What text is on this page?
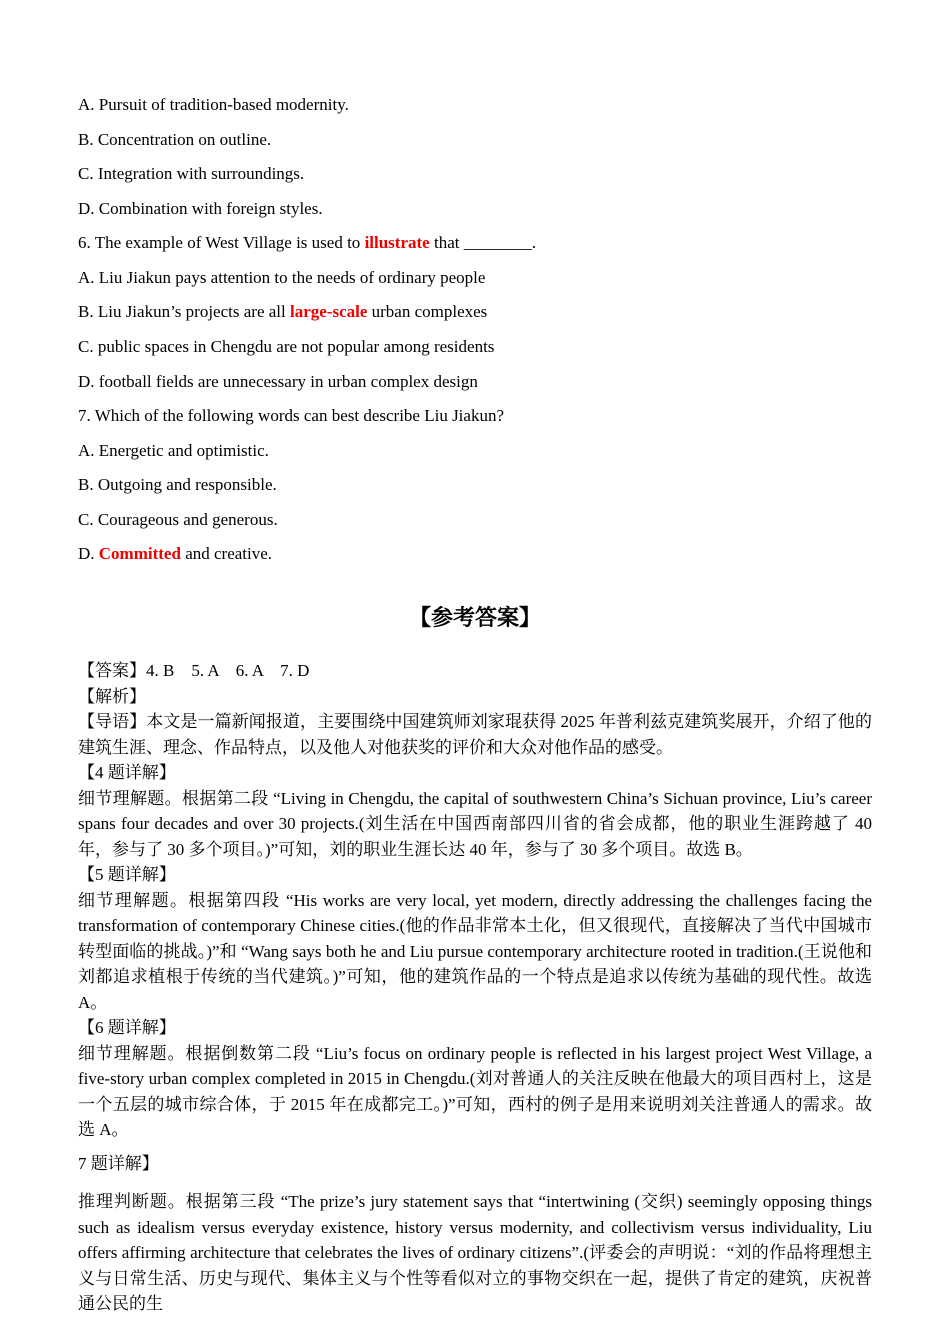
A. Pursuit of tradition-based modernity.

B. Concentration on outline.

C. Integration with surroundings.

D. Combination with foreign styles.

6. The example of West Village is used to illustrate that ________.

A. Liu Jiakun pays attention to the needs of ordinary people

B. Liu Jiakun’s projects are all large-scale urban complexes

C. public spaces in Chengdu are not popular among residents

D. football fields are unnecessary in urban complex design

7. Which of the following words can best describe Liu Jiakun?

A. Energetic and optimistic.

B. Outgoing and responsible.

C. Courageous and generous.

D. Committed and creative.

【参考答案】

【答案】4. B    5. A    6. A    7. D

【解析】

【导语】本文是一篇新闻报道，主要围绕中国建筑师刘家琨获得 2025 年普利兹克建筑奖展开，介绍了他的建筑生涯、理念、作品特点，以及他人对他获奖的评价和大众对他作品的感受。

【4 题详解】

细节理解题。根据第二段 “Living in Chengdu, the capital of southwestern China’s Sichuan province, Liu’s career spans four decades and over 30 projects.(刘生活在中国西南部四川省的省会成都，他的职业生涯跨越了 40 年，参与了 30 多个项目。)”可知，刘的职业生涯长达 40 年，参与了 30 多个项目。故选 B。

【5 题详解】

细节理解题。根据第四段 “His works are very local, yet modern, directly addressing the challenges facing the transformation of contemporary Chinese cities.(他的作品非常本土化，但又很现代，直接解决了当代中国城市转型面临的挑战。)”和 “Wang says both he and Liu pursue contemporary architecture rooted in tradition.(王说他和刘都追求植根于传统的当代建筑。)”可知，他的建筑作品的一个特点是追求以传统为基础的现代性。故选 A。

【6 题详解】

细节理解题。根据倒数第二段 “Liu’s focus on ordinary people is reflected in his largest project West Village, a five-story urban complex completed in 2015 in Chengdu.(刘对普通人的关注反映在他最大的项目西村上，这是一个五层的城市综合体，于 2015 年在成都完工。)”可知，西村的例子是用来说明刘关注普通人的需求。故选 A。

7 题详解】

推理判断题。根据第三段 “The prize’s jury statement says that “intertwining (交织) seemingly opposing things such as idealism versus everyday existence, history versus modernity, and collectivism versus individuality, Liu offers affirming architecture that celebrates the lives of ordinary citizens”.(评委会的声明说：“刘的作品将理想主义与日常生活、历史与现代、集体主义与个性等看似对立的事物交织在一起，提供了肯定的建筑，庆祝普通公民的生
